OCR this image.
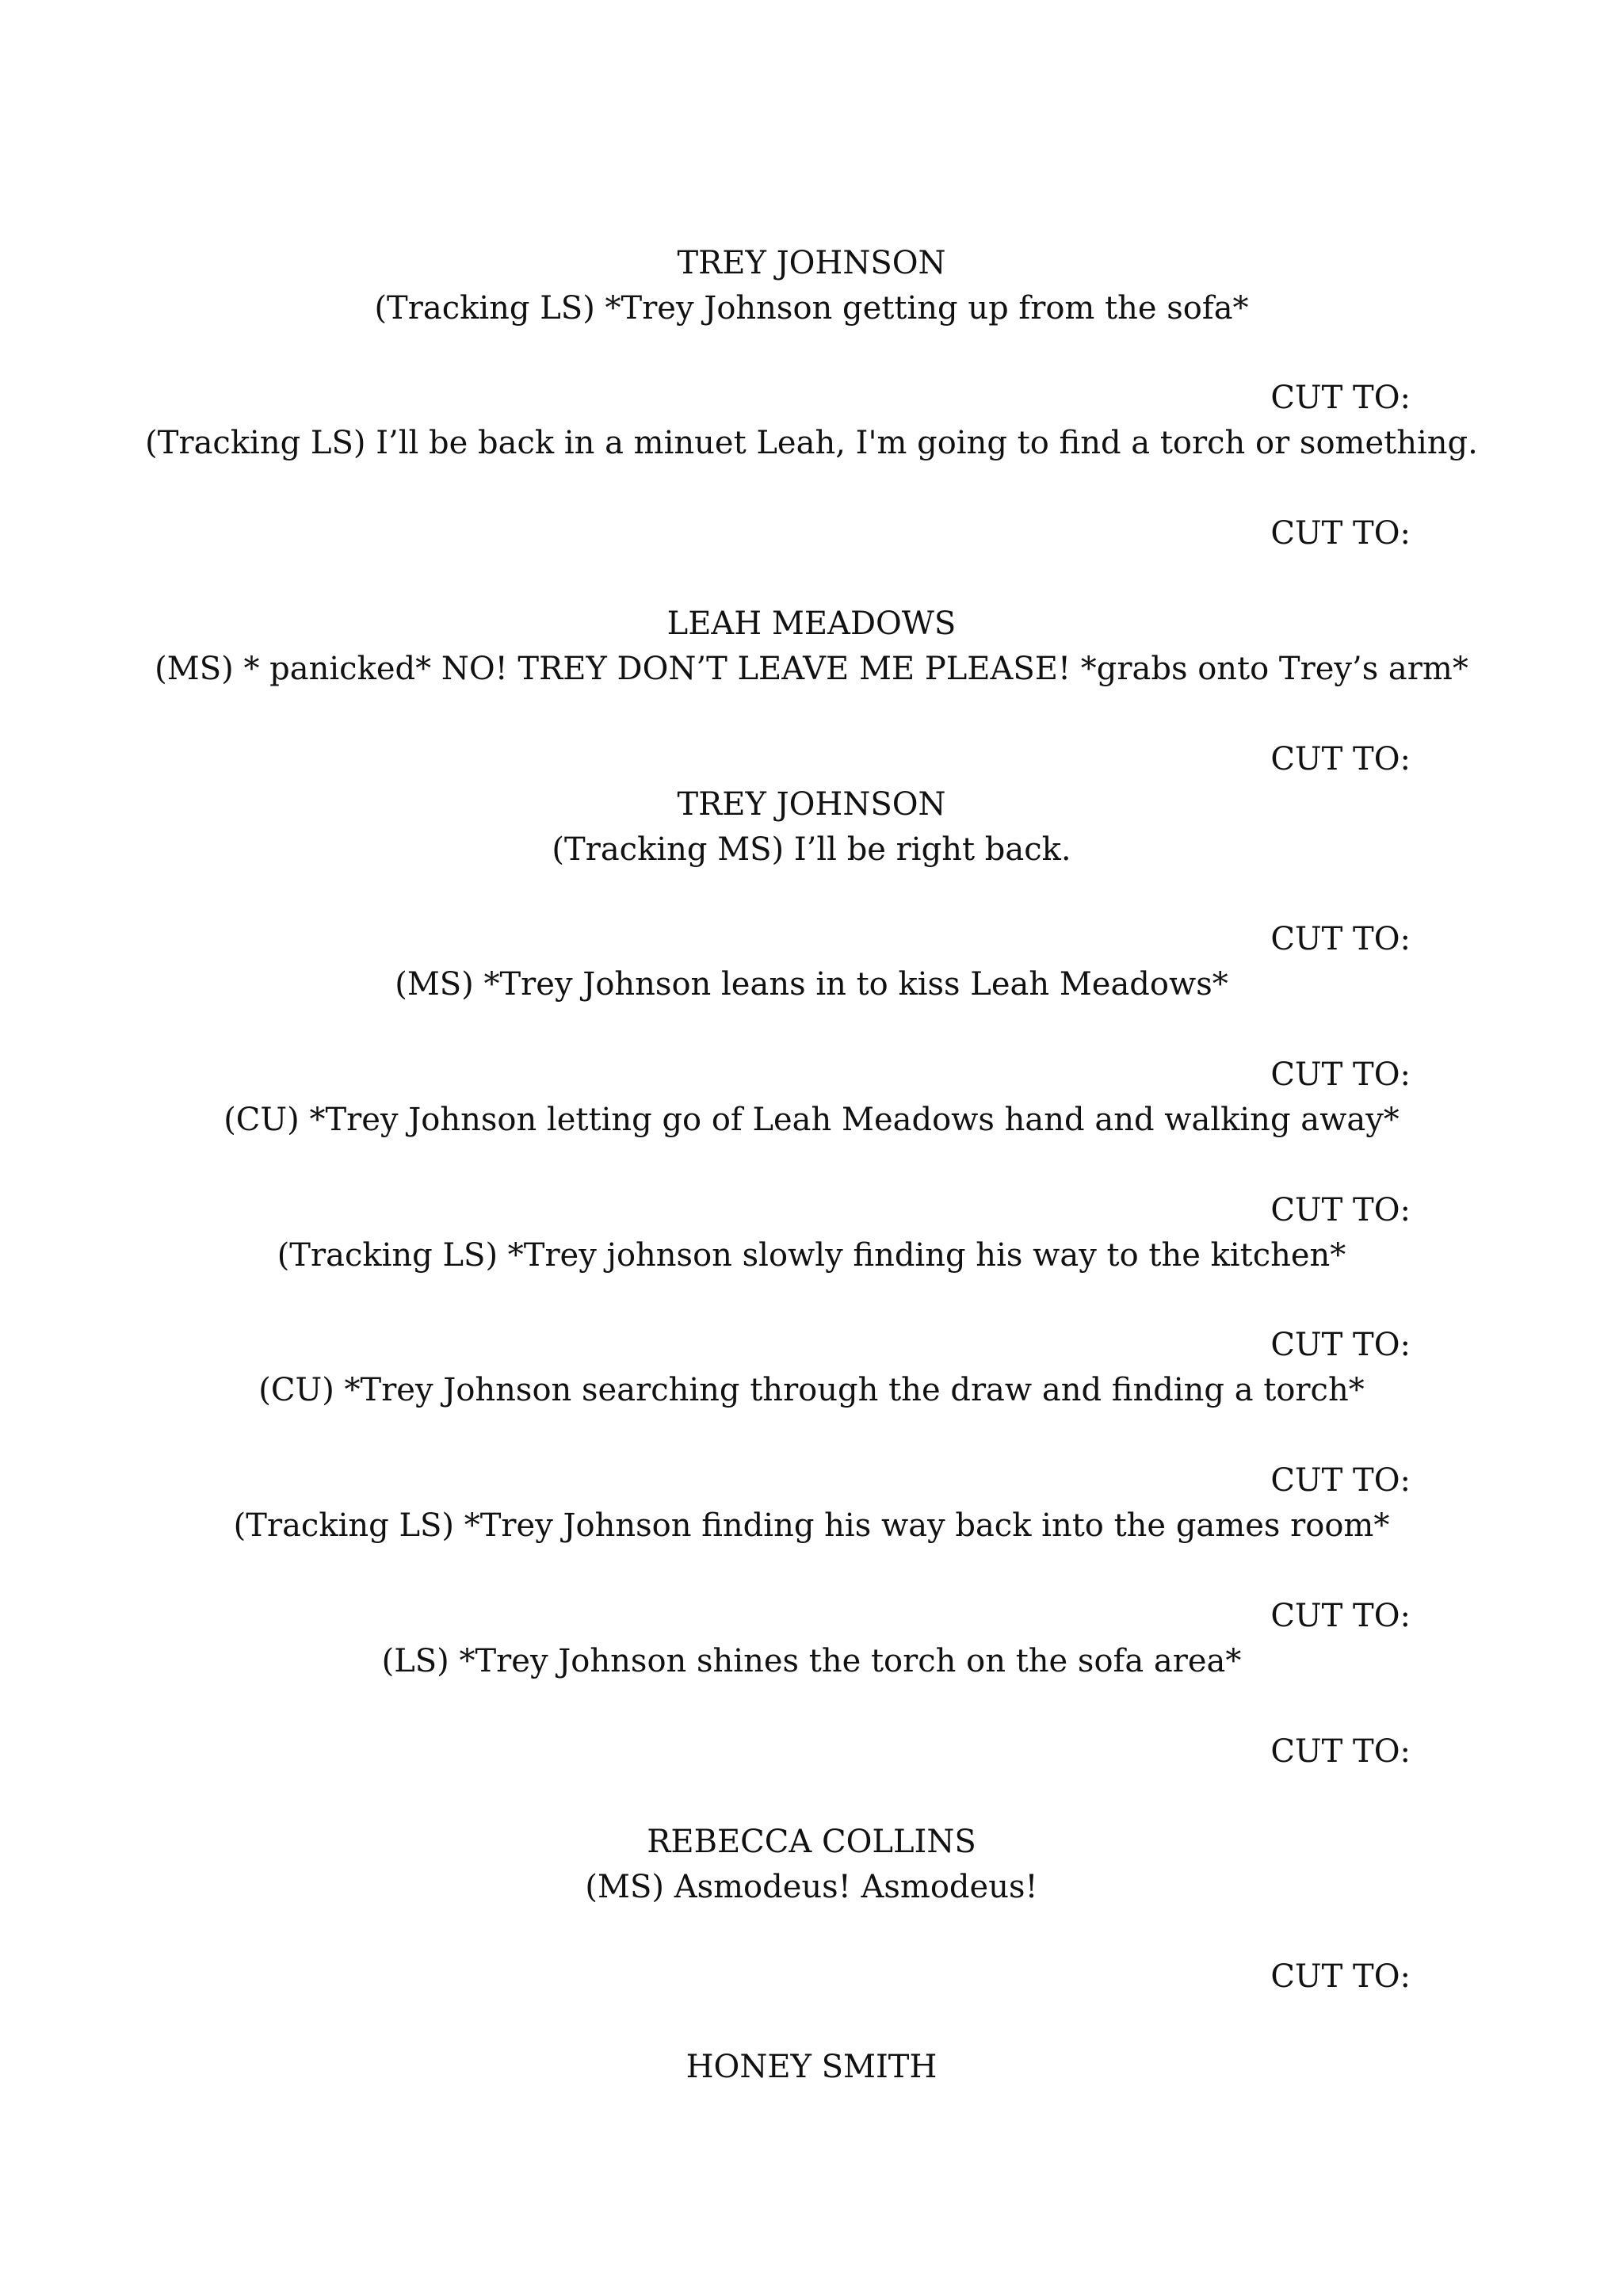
TREY JOHNSON

(Tracking LS) *Trey Johnson getting up from the sofa*

CUT TO:

(Tracking LS) I’ll be back in a minuet Leah, I'm going to find a torch or something.

CUT TO:

LEAH MEADOWS

(MS) * panicked* NO! TREY DON’T LEAVE ME PLEASE! *grabs onto Trey’s arm*

CUT TO:

TREY JOHNSON

(Tracking MS) I’ll be right back.

CUT TO:

(MS) *Trey Johnson leans in to kiss Leah Meadows*

CUT TO:

(CU) *Trey Johnson letting go of Leah Meadows hand and walking away*

CUT TO:

(Tracking LS) *Trey johnson slowly finding his way to the kitchen*

CUT TO:

(CU) *Trey Johnson searching through the draw and finding a torch*

CUT TO:

(Tracking LS) *Trey Johnson finding his way back into the games room*

CUT TO:

(LS) *Trey Johnson shines the torch on the sofa area*

CUT TO:

REBECCA COLLINS

(MS) Asmodeus! Asmodeus!

CUT TO:

HONEY SMITH
